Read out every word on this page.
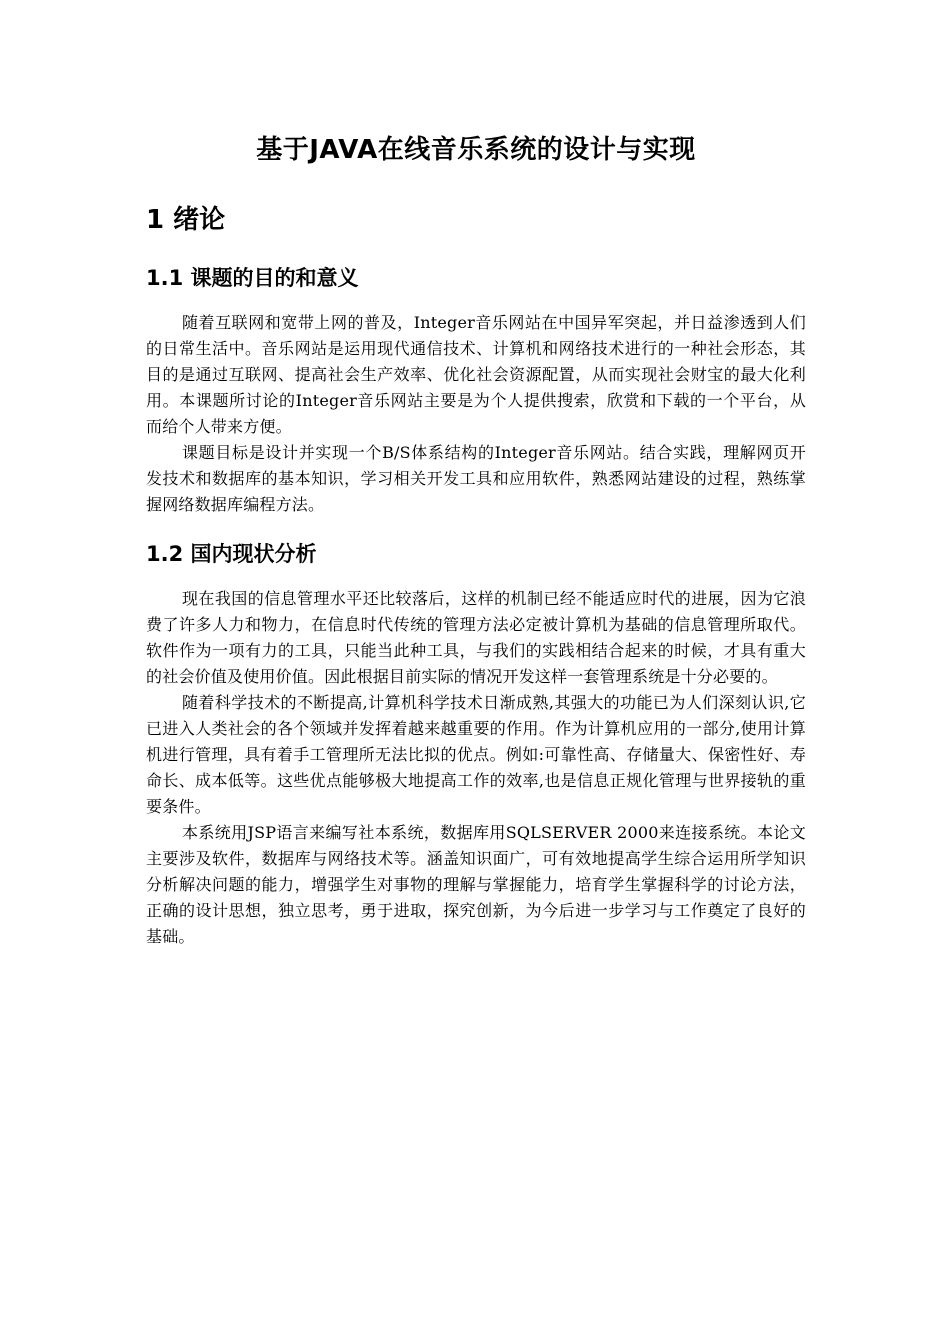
基于JAVA在线音乐系统的设计与实现
1 绪论
1.1 课题的目的和意义

随着互联网和宽带上网的普及，Integer音乐网站在中国异军突起，并日益渗透到人们的日常生活中。音乐网站是运用现代通信技术、计算机和网络技术进行的一种社会形态，其目的是通过互联网、提高社会生产效率、优化社会资源配置，从而实现社会财宝的最大化利用。本课题所讨论的Integer音乐网站主要是为个人提供搜索，欣赏和下载的一个平台，从而给个人带来方便。

课题目标是设计并实现一个B/S体系结构的Integer音乐网站。结合实践，理解网页开发技术和数据库的基本知识，学习相关开发工具和应用软件，熟悉网站建设的过程，熟练掌握网络数据库编程方法。

1.2 国内现状分析

现在我国的信息管理水平还比较落后，这样的机制已经不能适应时代的进展，因为它浪费了许多人力和物力，在信息时代传统的管理方法必定被计算机为基础的信息管理所取代。软件作为一项有力的工具，只能当此种工具，与我们的实践相结合起来的时候，才具有重大的社会价值及使用价值。因此根据目前实际的情况开发这样一套管理系统是十分必要的。

随着科学技术的不断提高,计算机科学技术日渐成熟,其强大的功能已为人们深刻认识,它已进入人类社会的各个领域并发挥着越来越重要的作用。作为计算机应用的一部分,使用计算机进行管理，具有着手工管理所无法比拟的优点。例如:可靠性高、存储量大、保密性好、寿命长、成本低等。这些优点能够极大地提高工作的效率,也是信息正规化管理与世界接轨的重要条件。

本系统用JSP语言来编写社本系统，数据库用SQLSERVER 2000来连接系统。本论文主要涉及软件，数据库与网络技术等。涵盖知识面广，可有效地提高学生综合运用所学知识分析解决问题的能力，增强学生对事物的理解与掌握能力，培育学生掌握科学的讨论方法，正确的设计思想，独立思考，勇于进取，探究创新，为今后进一步学习与工作奠定了良好的基础。
